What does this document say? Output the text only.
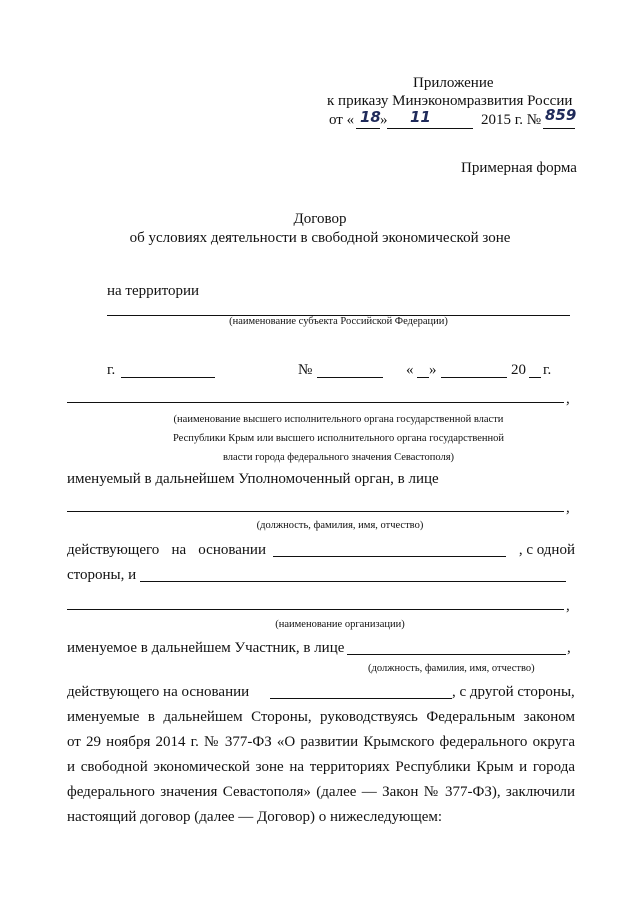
Приложение
к приказу Минэкономразвития России
от « 18 » 11	2015 г. № 859
Примерная форма
Договор
об условиях деятельности в свободной экономической зоне
на территории
(наименование субъекта Российской Федерации)
г.	№	« »	20 г.
,
(наименование высшего исполнительного органа государственной власти
Республики Крым или высшего исполнительного органа государственной
власти города федерального значения Севастополя)
именуемый в дальнейшем Уполномоченный орган, в лице
,
(должность, фамилия, имя, отчество)
действующего на основании	, с одной
стороны, и
,
(наименование организации)
именуемое в дальнейшем Участник, в лице	,
(должность, фамилия, имя, отчество)
действующего на основании	, с другой стороны,
именуемые в дальнейшем Стороны, руководствуясь Федеральным законом
от 29 ноября 2014 г. № 377-ФЗ «О развитии Крымского федерального округа
и свободной экономической зоне на территориях Республики Крым и города
федерального значения Севастополя» (далее — Закон № 377-ФЗ), заключили
настоящий договор (далее — Договор) о нижеследующем:
